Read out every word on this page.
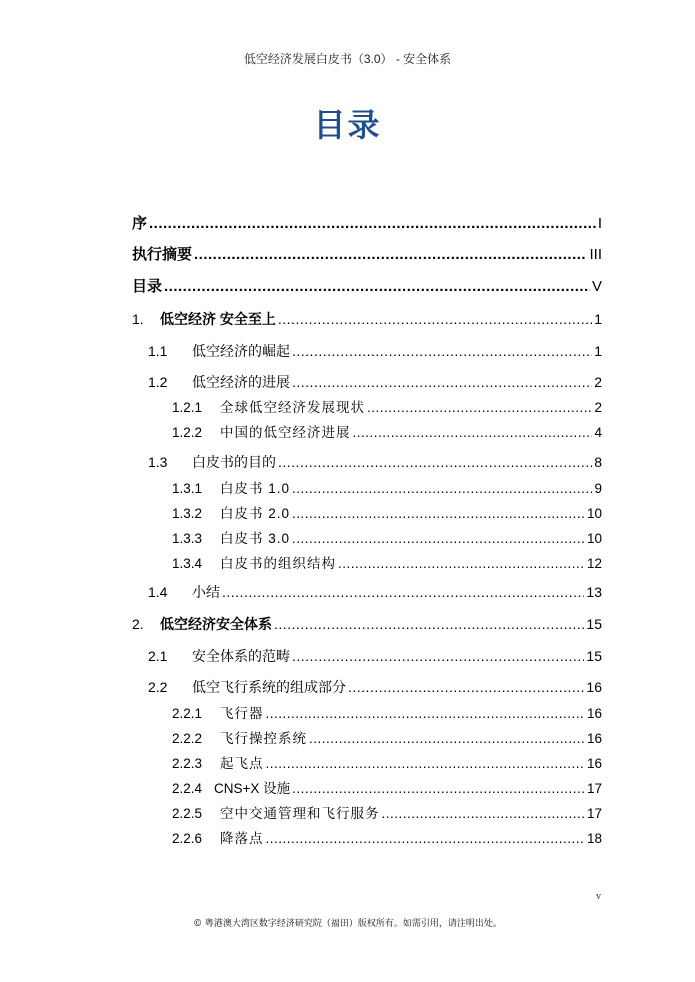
低空经济发展白皮书（3.0） - 安全体系
目录
序 .....	I
执行摘要 .....	III
目录 .....	V
1.	低空经济 安全至上 .....	1
1.1	低空经济的崛起 .....	1
1.2	低空经济的进展 .....	2
1.2.1	全球低空经济发展现状 .....	2
1.2.2	中国的低空经济进展 .....	4
1.3	白皮书的目的 .....	8
1.3.1	白皮书 1.0 .....	9
1.3.2	白皮书 2.0 .....	10
1.3.3	白皮书 3.0 .....	10
1.3.4	白皮书的组织结构 .....	12
1.4	小结 .....	13
2.	低空经济安全体系 .....	15
2.1	安全体系的范畴 .....	15
2.2	低空飞行系统的组成部分 .....	16
2.2.1	飞行器 .....	16
2.2.2	飞行操控系统 .....	16
2.2.3	起飞点 .....	16
2.2.4 CNS+X 设施 .....	17
2.2.5	空中交通管理和飞行服务 .....	17
2.2.6	降落点 .....	18
v
© 粤港澳大湾区数字经济研究院（福田）版权所有。如需引用，请注明出处。
